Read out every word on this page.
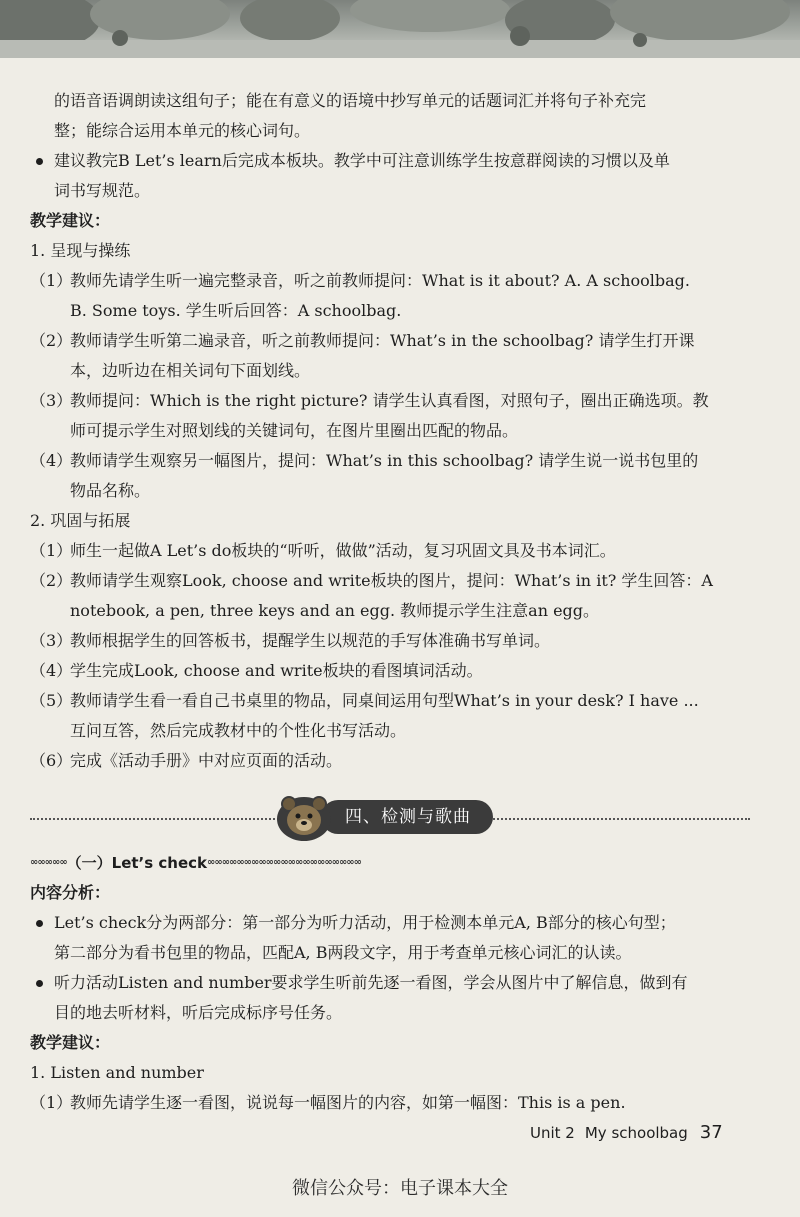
的语音语调朗读这组句子；能在有意义的语境中抄写单元的话题词汇并将句子补充完
整；能综合运用本单元的核心词句。
建议教完B Let’s learn后完成本板块。教学中可注意训练学生按意群阅读的习惯以及单
词书写规范。
教学建议：
1. 呈现与操练
（1）教师先请学生听一遍完整录音，听之前教师提问：What is it about? A. A schoolbag.
B. Some toys. 学生听后回答：A schoolbag.
（2）教师请学生听第二遍录音，听之前教师提问：What’s in the schoolbag? 请学生打开课
本，边听边在相关词句下面划线。
（3）教师提问：Which is the right picture? 请学生认真看图，对照句子，圈出正确选项。教
师可提示学生对照划线的关键词句，在图片里圈出匹配的物品。
（4）教师请学生观察另一幅图片，提问：What’s in this schoolbag? 请学生说一说书包里的
物品名称。
2. 巩固与拓展
（1）师生一起做A Let’s do板块的“听听，做做”活动，复习巩固文具及书本词汇。
（2）教师请学生观察Look, choose and write板块的图片，提问：What’s in it? 学生回答：A
notebook, a pen, three keys and an egg. 教师提示学生注意an egg。
（3）教师根据学生的回答板书，提醒学生以规范的手写体准确书写单词。
（4）学生完成Look, choose and write板块的看图填词活动。
（5）教师请学生看一看自己书桌里的物品，同桌间运用句型What’s in your desk? I have ...
互问互答，然后完成教材中的个性化书写活动。
（6）完成《活动手册》中对应页面的活动。
四、检测与歌曲
∞∞∞∞∞ （一）Let’s check ∞∞∞∞∞∞∞∞∞∞∞∞∞∞∞∞∞∞∞∞∞
内容分析：
Let’s check分为两部分：第一部分为听力活动，用于检测本单元A, B部分的核心句型；
第二部分为看书包里的物品，匹配A, B两段文字，用于考查单元核心词汇的认读。
听力活动Listen and number要求学生听前先逐一看图，学会从图片中了解信息，做到有
目的地去听材料，听后完成标序号任务。
教学建议：
1. Listen and number
（1）教师先请学生逐一看图，说说每一幅图片的内容，如第一幅图：This is a pen.
Unit 2 My schoolbag 37
微信公众号：电子课本大全
